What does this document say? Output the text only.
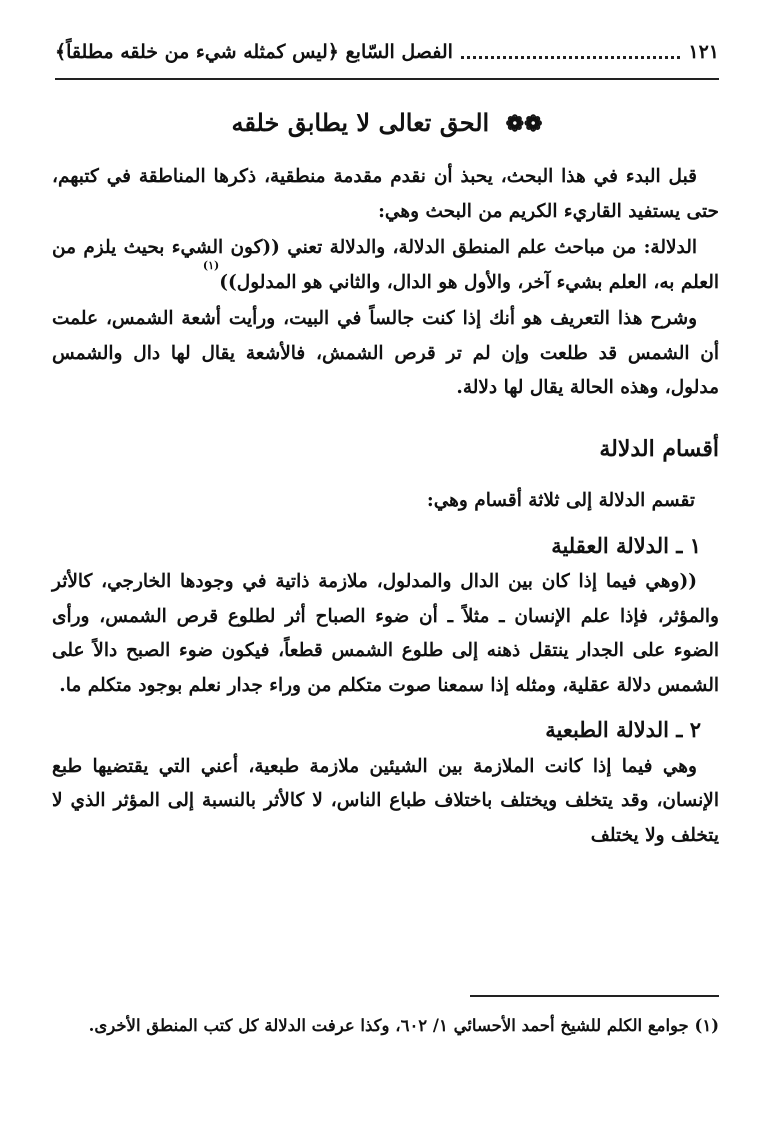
الفصل السّابع ﴿ليس كمثله شيء من خلقه مطلقاً﴾	١٢١
❁❁ الحق تعالى لا يطابق خلقه

قبل البدء في هذا البحث، يحبذ أن نقدم مقدمة منطقية، ذكرها المناطقة في كتبهم، حتى يستفيد القاريء الكريم من البحث وهي:

الدلالة: من مباحث علم المنطق الدلالة، والدلالة تعني ((كون الشيء بحيث يلزم من العلم به، العلم بشيء آخر، والأول هو الدال، والثاني هو المدلول))$^{(١)}$

وشرح هذا التعريف هو أنك إذا كنت جالساً في البيت، ورأيت أشعة الشمس، علمت أن الشمس قد طلعت وإن لم تر قرص الشمش، فالأشعة يقال لها دال والشمس مدلول، وهذه الحالة يقال لها دلالة.

أقسام الدلالة

تقسم الدلالة إلى ثلاثة أقسام وهي:

١ ـ الدلالة العقلية

((وهي فيما إذا كان بين الدال والمدلول، ملازمة ذاتية في وجودها الخارجي، كالأثر والمؤثر، فإذا علم الإنسان ـ مثلاً ـ أن ضوء الصباح أثر لطلوع قرص الشمس، ورأى الضوء على الجدار ينتقل ذهنه إلى طلوع الشمس قطعاً، فيكون ضوء الصبح دالاً على الشمس دلالة عقلية، ومثله إذا سمعنا صوت متكلم من وراء جدار نعلم بوجود متكلم ما.

٢ ـ الدلالة الطبعية

وهي فيما إذا كانت الملازمة بين الشيئين ملازمة طبعية، أعني التي يقتضيها طبع الإنسان، وقد يتخلف ويختلف باختلاف طباع الناس، لا كالأثر بالنسبة إلى المؤثر الذي لا يتخلف ولا يختلف

(١) جوامع الكلم للشيخ أحمد الأحسائي ١/ ٦٠٢، وكذا عرفت الدلالة كل كتب المنطق الأخرى.
